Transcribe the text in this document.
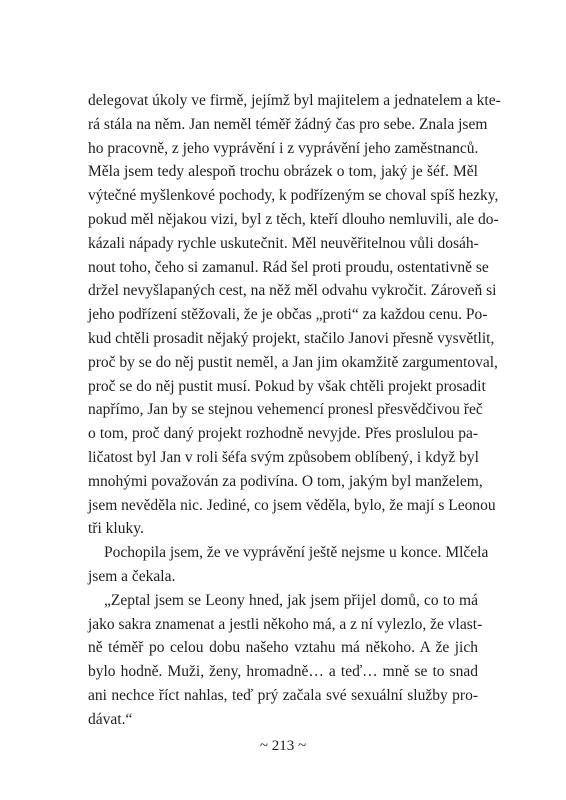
delegovat úkoly ve firmě, jejímž byl majitelem a jednatelem a kte-
rá stála na něm. Jan neměl téměř žádný čas pro sebe. Znala jsem
ho pracovně, z jeho vyprávění i z vyprávění jeho zaměstnanců.
Měla jsem tedy alespoň trochu obrázek o tom, jaký je šéf. Měl
výtečné myšlenkové pochody, k podřízeným se choval spíš hezky,
pokud měl nějakou vizi, byl z těch, kteří dlouho nemluvili, ale do-
kázali nápady rychle uskutečnit. Měl neuvěřitelnou vůli dosáh-
nout toho, čeho si zamanul. Rád šel proti proudu, ostentativně se
držel nevyšlapaných cest, na něž měl odvahu vykročit. Zároveň si
jeho podřízení stěžovali, že je občas „proti“ za každou cenu. Po-
kud chtěli prosadit nějaký projekt, stačilo Janovi přesně vysvětlit,
proč by se do něj pustit neměl, a Jan jim okamžitě zargumentoval,
proč se do něj pustit musí. Pokud by však chtěli projekt prosadit
napřímo, Jan by se stejnou vehemencí pronesl přesvědčivou řeč
o tom, proč daný projekt rozhodně nevyjde. Přes proslulou pa-
ličatost byl Jan v roli šéfa svým způsobem oblíbený, i když byl
mnohými považován za podivína. O tom, jakým byl manželem,
jsem nevěděla nic. Jediné, co jsem věděla, bylo, že mají s Leonou
tři kluky.
Pochopila jsem, že ve vyprávění ještě nejsme u konce. Mlčela
jsem a čekala.
„Zeptal jsem se Leony hned, jak jsem přijel domů, co to má
jako sakra znamenat a jestli někoho má, a z ní vylezlo, že vlast-
ně téměř po celou dobu našeho vztahu má někoho. A že jich
bylo hodně. Muži, ženy, hromadně… a teď… mně se to snad
ani nechce říct nahlas, teď prý začala své sexuální služby pro-
dávat.“
~ 213 ~
